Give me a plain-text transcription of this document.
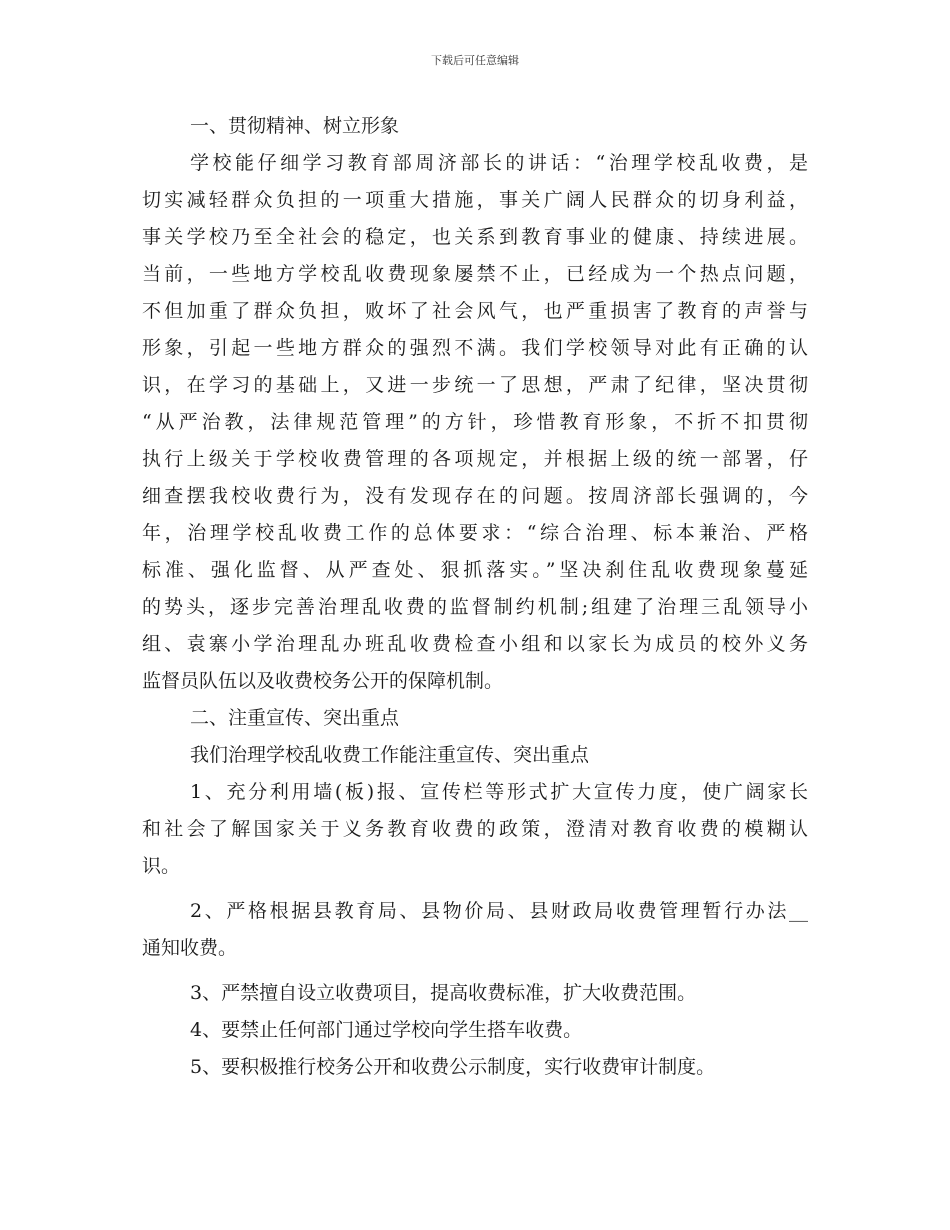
下载后可任意编辑
一、贯彻精神、树立形象
学校能仔细学习教育部周济部长的讲话：“治理学校乱收费，是
切实减轻群众负担的一项重大措施，事关广阔人民群众的切身利益，
事关学校乃至全社会的稳定，也关系到教育事业的健康、持续进展。
当前，一些地方学校乱收费现象屡禁不止，已经成为一个热点问题，
不但加重了群众负担，败坏了社会风气，也严重损害了教育的声誉与
形象，引起一些地方群众的强烈不满。我们学校领导对此有正确的认
识，在学习的基础上，又进一步统一了思想，严肃了纪律，坚决贯彻
“从严治教，法律规范管理”的方针，珍惜教育形象，不折不扣贯彻
执行上级关于学校收费管理的各项规定，并根据上级的统一部署，仔
细查摆我校收费行为，没有发现存在的问题。按周济部长强调的，今
年，治理学校乱收费工作的总体要求：“综合治理、标本兼治、严格
标准、强化监督、从严查处、狠抓落实。”坚决刹住乱收费现象蔓延
的势头，逐步完善治理乱收费的监督制约机制;组建了治理三乱领导小
组、袁寨小学治理乱办班乱收费检查小组和以家长为成员的校外义务
监督员队伍以及收费校务公开的保障机制。
二、注重宣传、突出重点
我们治理学校乱收费工作能注重宣传、突出重点
1、充分利用墙(板)报、宣传栏等形式扩大宣传力度，使广阔家长
和社会了解国家关于义务教育收费的政策，澄清对教育收费的模糊认
识。
2、严格根据县教育局、县物价局、县财政局收费管理暂行办法__
通知收费。
3、严禁擅自设立收费项目，提高收费标准，扩大收费范围。
4、要禁止任何部门通过学校向学生搭车收费。
5、要积极推行校务公开和收费公示制度，实行收费审计制度。
